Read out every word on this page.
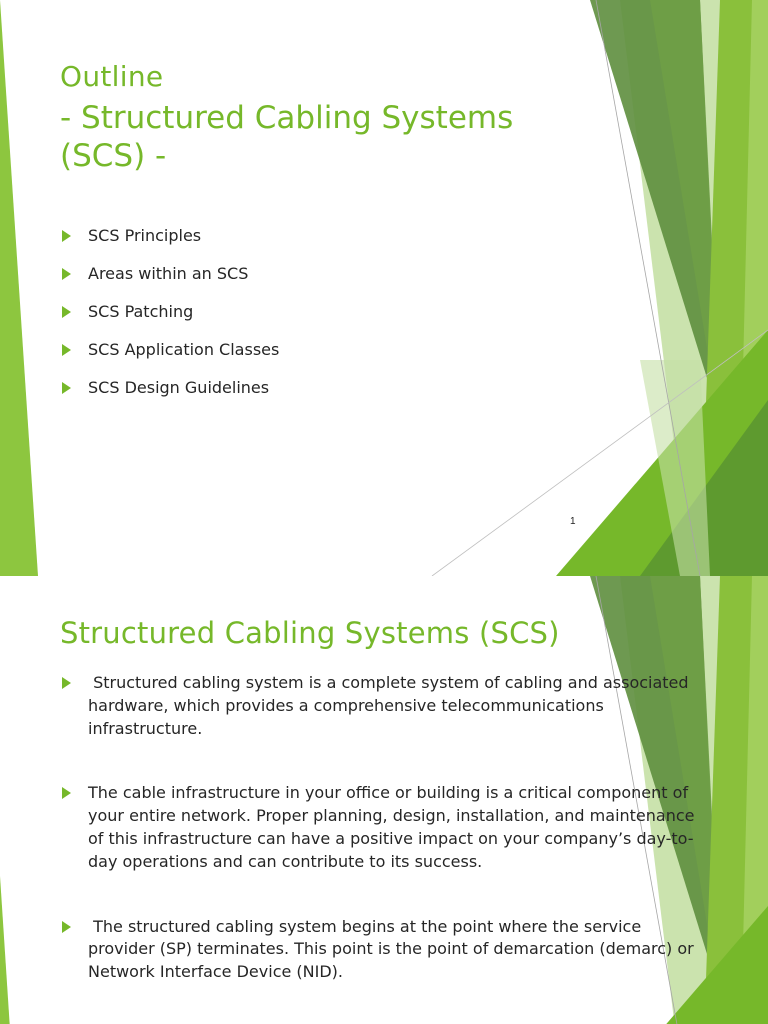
Outline
- Structured Cabling Systems (SCS) -
SCS Principles
Areas within an SCS
SCS Patching
SCS Application Classes
SCS Design Guidelines
1
Structured Cabling Systems (SCS)
Structured cabling system is a complete system of cabling and associated hardware, which provides a comprehensive telecommunications infrastructure.
The cable infrastructure in your office or building is a critical component of your entire network. Proper planning, design, installation, and maintenance of this infrastructure can have a positive impact on your company’s day-to-day operations and can contribute to its success.
The structured cabling system begins at the point where the service provider (SP) terminates. This point is the point of demarcation (demarc) or Network Interface Device (NID).
